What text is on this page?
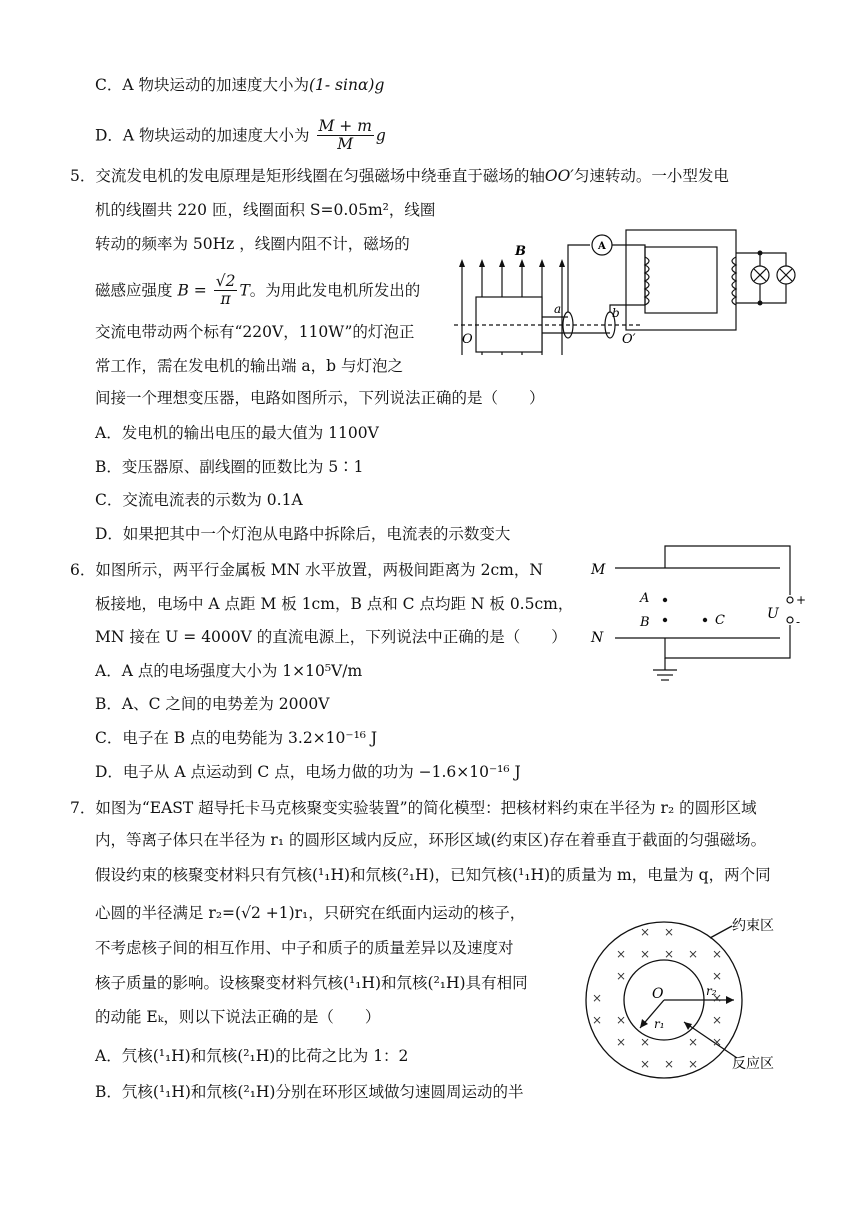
C．A 物块运动的加速度大小为(1- sinα)g
D．A 物块运动的加速度大小为 $\frac{M + m}{M}$ g
5．交流发电机的发电原理是矩形线圈在匀强磁场中绕垂直于磁场的轴OO′匀速转动。一小型发电
机的线圈共 220 匝，线圈面积 S=0.05m²，线圈
转动的频率为 50Hz ，线圈内阻不计，磁场的
磁感应强度 $B = \frac{√2}{\pi}$ T。为用此发电机所发出的
交流电带动两个标有“220V，110W”的灯泡正
常工作，需在发电机的输出端 a，b 与灯泡之
间接一个理想变压器，电路如图所示，下列说法正确的是（　　）
A．发电机的输出电压的最大值为 1100V
B．变压器原、副线圈的匝数比为 5∶1
C．交流电流表的示数为 0.1A
D．如果把其中一个灯泡从电路中拆除后，电流表的示数变大
B
O	O′
a	b
A
6．如图所示，两平行金属板 MN 水平放置，两极间距离为 2cm，N
板接地，电场中 A 点距 M 板 1cm，B 点和 C 点均距 N 板 0.5cm，
MN 接在 U = 4000V 的直流电源上，下列说法中正确的是（　　）
A．A 点的电场强度大小为 1×10⁵V/m
B．A、C 之间的电势差为 2000V
C．电子在 B 点的电势能为 3.2×10⁻¹⁶ J
D．电子从 A 点运动到 C 点，电场力做的功为 −1.6×10⁻¹⁶ J
M
N
A
B	C	U
+
-
7．如图为“EAST 超导托卡马克核聚变实验装置”的简化模型：把核材料约束在半径为 r₂ 的圆形区域
内，等离子体只在半径为 r₁ 的圆形区域内反应，环形区域(约束区)存在着垂直于截面的匀强磁场。
假设约束的核聚变材料只有氕核(¹₁H)和氘核(²₁H)，已知氕核(¹₁H)的质量为 m，电量为 q，两个同
心圆的半径满足 r₂=(√2 +1)r₁，只研究在纸面内运动的核子，
不考虑核子间的相互作用、中子和质子的质量差异以及速度对
核子质量的影响。设核聚变材料氕核(¹₁H)和氘核(²₁H)具有相同
的动能 Eₖ，则以下说法正确的是（　　）
A．氕核(¹₁H)和氘核(²₁H)的比荷之比为 1：2
B．氕核(¹₁H)和氘核(²₁H)分别在环形区域做匀速圆周运动的半
× ×
× × × × ×
×	×
×	×
× ×	×
× ×	× ×
× × ×
约束区
反应区
O
r₁
r₂
